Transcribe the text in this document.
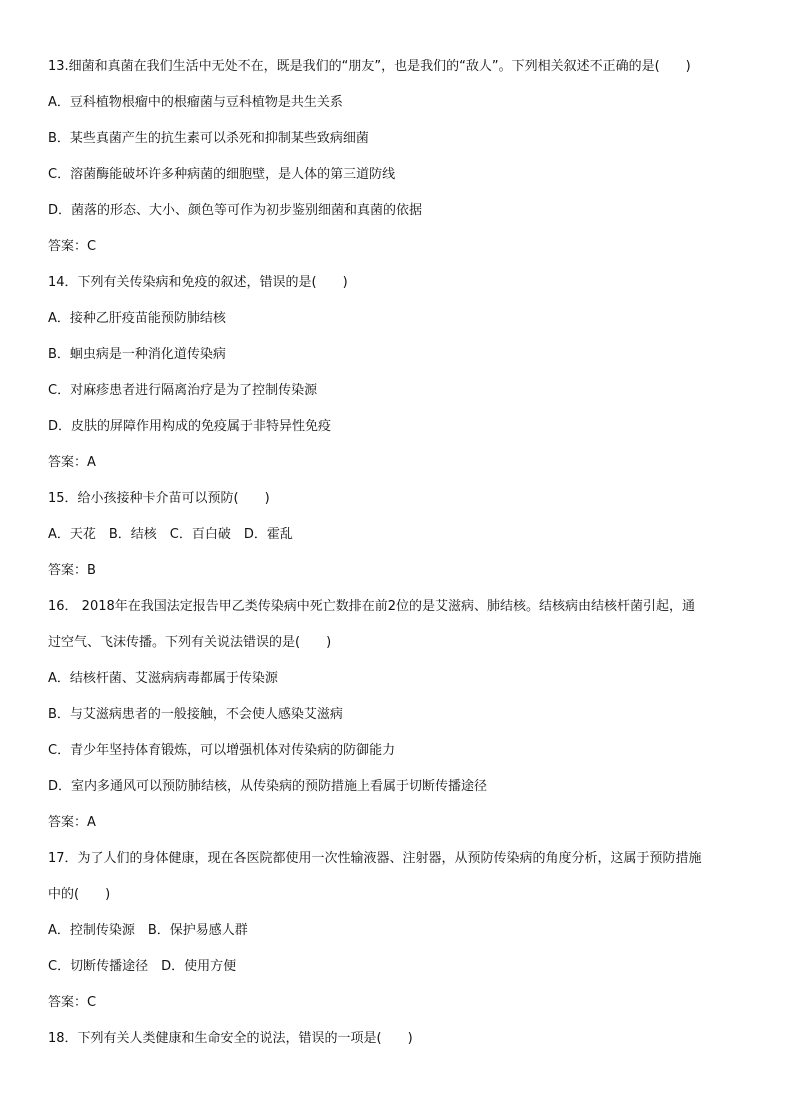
13.细菌和真菌在我们生活中无处不在，既是我们的“朋友”，也是我们的“敌人”。下列相关叙述不正确的是(　　)
A．豆科植物根瘤中的根瘤菌与豆科植物是共生关系
B．某些真菌产生的抗生素可以杀死和抑制某些致病细菌
C．溶菌酶能破坏许多种病菌的细胞壁，是人体的第三道防线
D．菌落的形态、大小、颜色等可作为初步鉴别细菌和真菌的依据
答案：C
14．下列有关传染病和免疫的叙述，错误的是(　　)
A．接种乙肝疫苗能预防肺结核
B．蛔虫病是一种消化道传染病
C．对麻疹患者进行隔离治疗是为了控制传染源
D．皮肤的屏障作用构成的免疫属于非特异性免疫
答案：A
15．给小孩接种卡介苗可以预防(　　)
A．天花　B．结核　C．百白破　D．霍乱
答案：B
16． 2018年在我国法定报告甲乙类传染病中死亡数排在前2位的是艾滋病、肺结核。结核病由结核杆菌引起，通
过空气、飞沫传播。下列有关说法错误的是(　　)
A．结核杆菌、艾滋病病毒都属于传染源
B．与艾滋病患者的一般接触，不会使人感染艾滋病
C．青少年坚持体育锻炼，可以增强机体对传染病的防御能力
D．室内多通风可以预防肺结核，从传染病的预防措施上看属于切断传播途径
答案：A
17．为了人们的身体健康，现在各医院都使用一次性输液器、注射器，从预防传染病的角度分析，这属于预防措施
中的(　　)
A．控制传染源　B．保护易感人群
C．切断传播途径　D．使用方便
答案：C
18．下列有关人类健康和生命安全的说法，错误的一项是(　　)
